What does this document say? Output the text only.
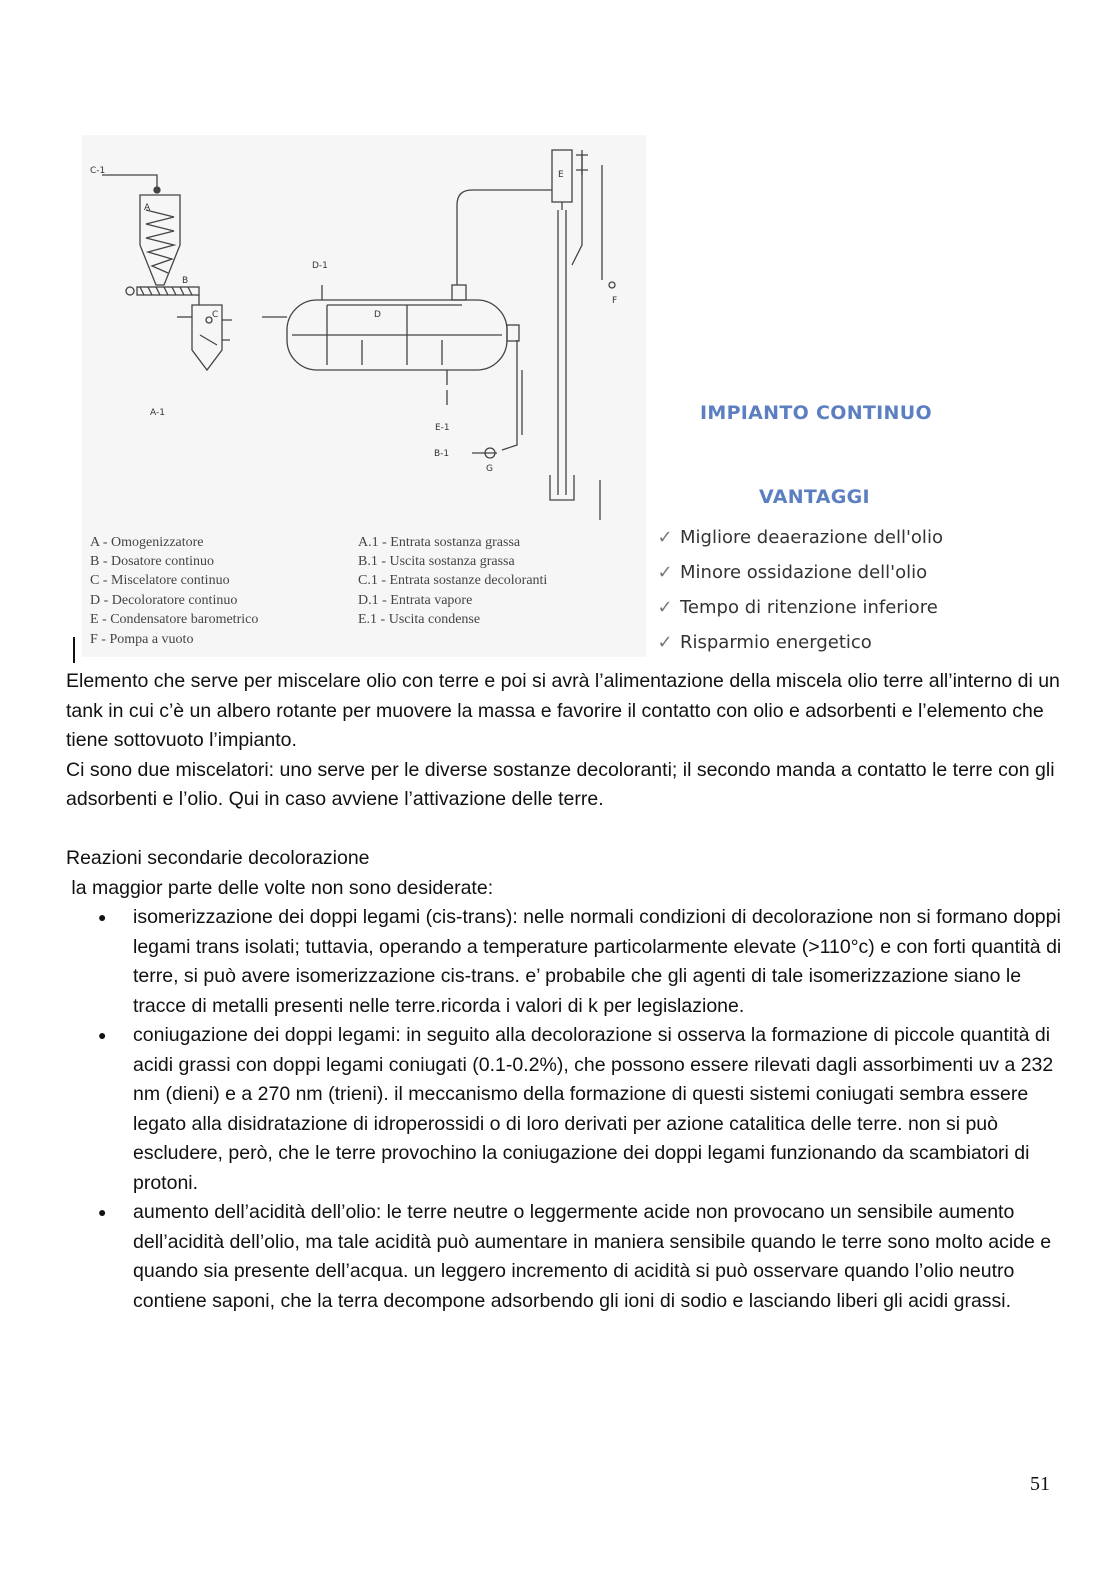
C-1
A
B
C
A-1
D-1
D
E
F
E-1
B-1
G
A - Omogenizzatore
B - Dosatore continuo
C - Miscelatore continuo
D - Decoloratore continuo
E - Condensatore barometrico
F - Pompa a vuoto
A.1 - Entrata sostanza grassa
B.1 - Uscita sostanza grassa
C.1 - Entrata sostanze decoloranti
D.1 - Entrata vapore
E.1 - Uscita condense
IMPIANTO CONTINUO
VANTAGGI
✓ Migliore deaerazione dell'olio
✓ Minore ossidazione dell'olio
✓ Tempo di ritenzione inferiore
✓ Risparmio energetico

Elemento che serve per miscelare olio con terre e poi si avrà l’alimentazione della miscela olio terre all’interno di un tank in cui c’è un albero rotante per muovere la massa e favorire il contatto con olio e adsorbenti e l’elemento che tiene sottovuoto l’impianto.

Ci sono due miscelatori: uno serve per le diverse sostanze decoloranti; il secondo manda a contatto le terre con gli adsorbenti e l’olio. Qui in caso avviene l’attivazione delle terre.

Reazioni secondarie decolorazione

la maggior parte delle volte non sono desiderate:

● isomerizzazione dei doppi legami (cis-trans): nelle normali condizioni di decolorazione non si formano doppi legami trans isolati; tuttavia, operando a temperature particolarmente elevate (>110°c) e con forti quantità di terre, si può avere isomerizzazione cis-trans. e’ probabile che gli agenti di tale isomerizzazione siano le tracce di metalli presenti nelle terre.ricorda i valori di k per legislazione.
● coniugazione dei doppi legami: in seguito alla decolorazione si osserva la formazione di piccole quantità di acidi grassi con doppi legami coniugati (0.1-0.2%), che possono essere rilevati dagli assorbimenti uv a 232 nm (dieni) e a 270 nm (trieni). il meccanismo della formazione di questi sistemi coniugati sembra essere legato alla disidratazione di idroperossidi o di loro derivati per azione catalitica delle terre. non si può escludere, però, che le terre provochino la coniugazione dei doppi legami funzionando da scambiatori di protoni.
● aumento dell’acidità dell’olio: le terre neutre o leggermente acide non provocano un sensibile aumento dell’acidità dell’olio, ma tale acidità può aumentare in maniera sensibile quando le terre sono molto acide e quando sia presente dell’acqua. un leggero incremento di acidità si può osservare quando l’olio neutro contiene saponi, che la terra decompone adsorbendo gli ioni di sodio e lasciando liberi gli acidi grassi.
51
